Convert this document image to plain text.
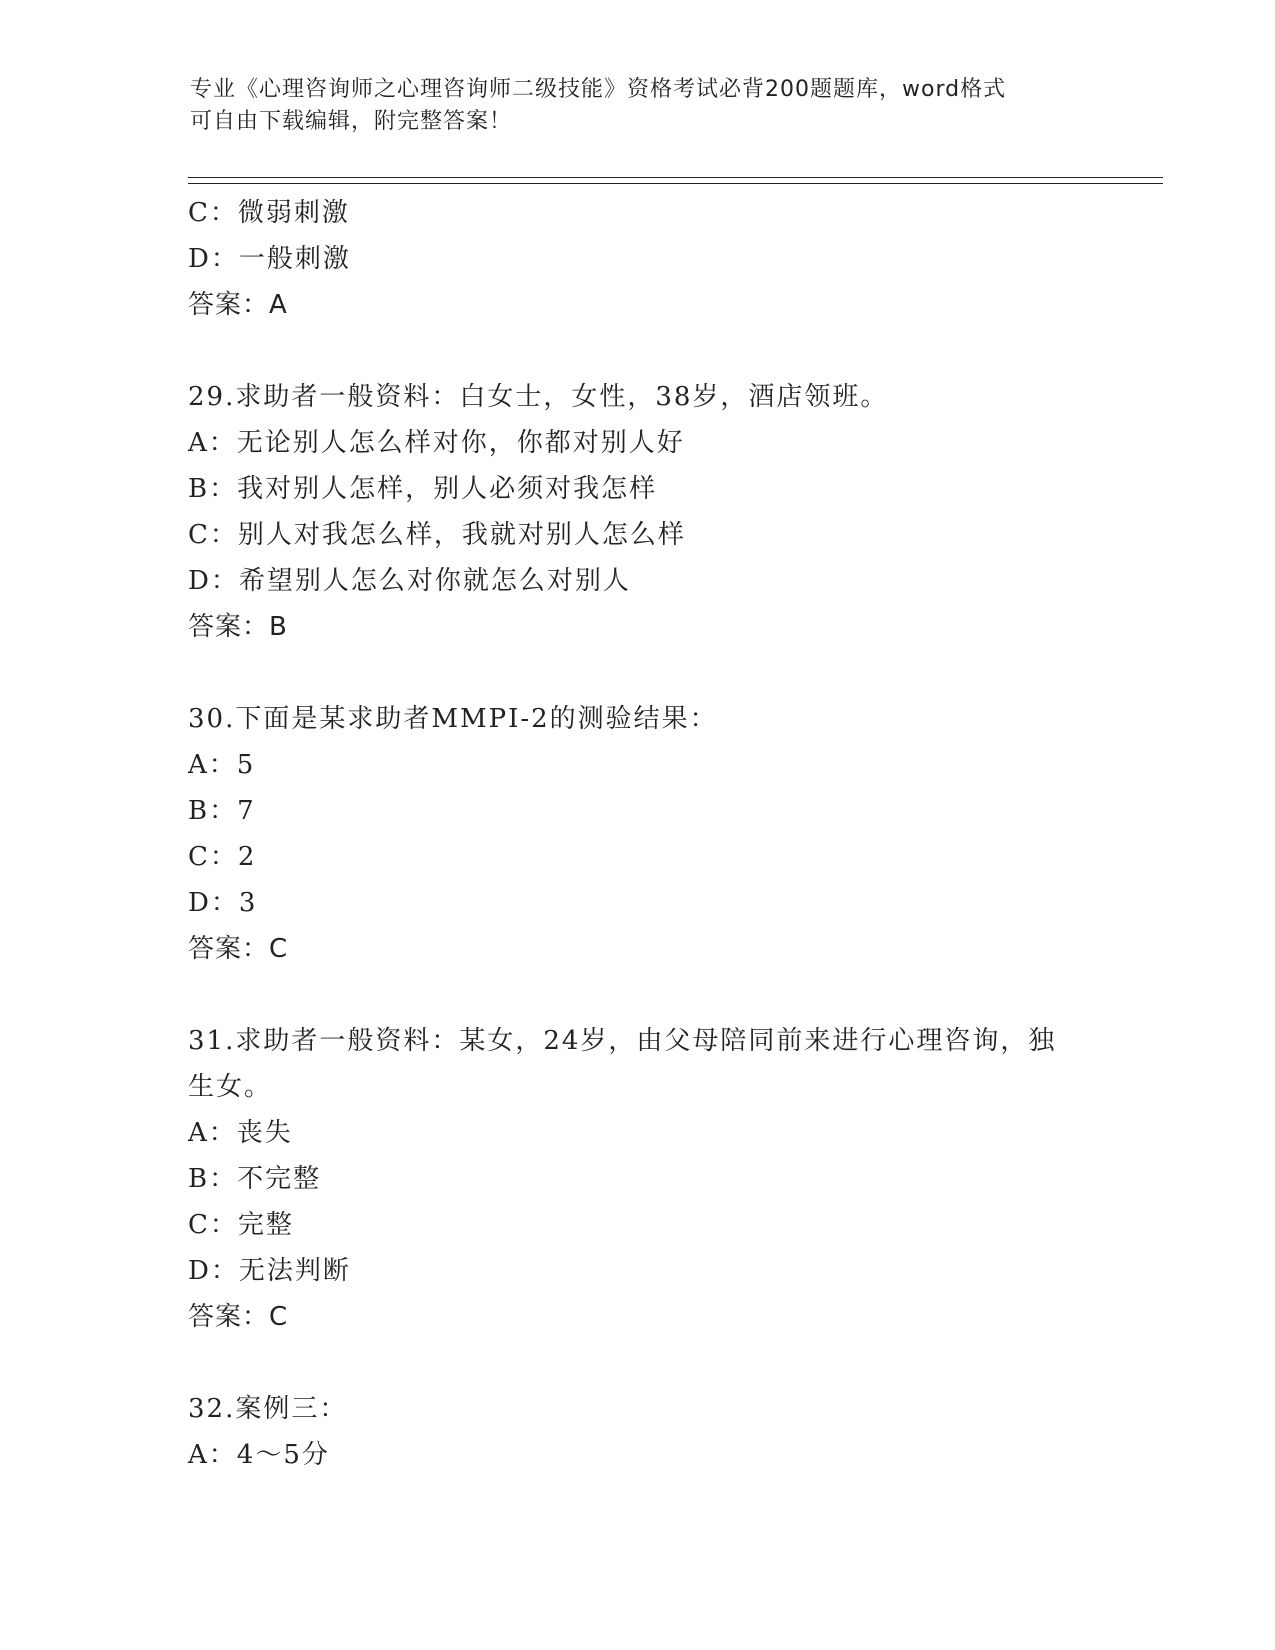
专业《心理咨询师之心理咨询师二级技能》资格考试必背200题题库，word格式
可自由下载编辑，附完整答案！
C：微弱刺激
D：一般刺激
答案：A
29.求助者一般资料：白女士，女性，38岁，酒店领班。
A：无论别人怎么样对你，你都对别人好
B：我对别人怎样，别人必须对我怎样
C：别人对我怎么样，我就对别人怎么样
D：希望别人怎么对你就怎么对别人
答案：B
30.下面是某求助者MMPI-2的测验结果：
A：5
B：7
C：2
D：3
答案：C
31.求助者一般资料：某女，24岁，由父母陪同前来进行心理咨询，独
生女。
A：丧失
B：不完整
C：完整
D：无法判断
答案：C
32.案例三：
A：4～5分
